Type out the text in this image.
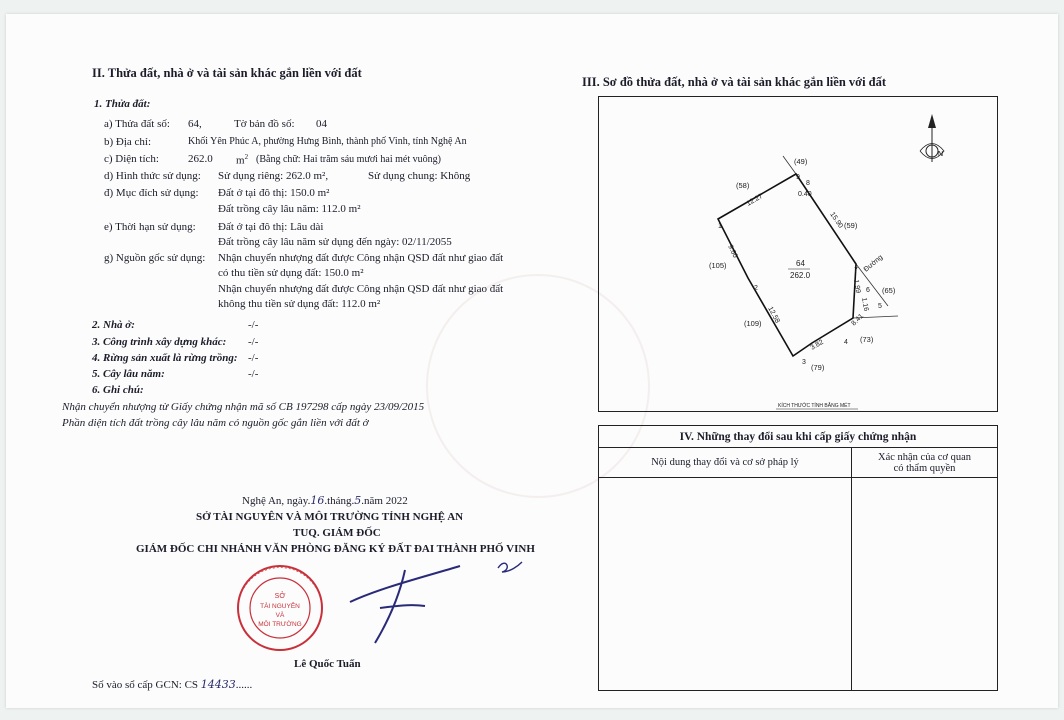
II. Thửa đất, nhà ở và tài sản khác gắn liền với đất
1. Thửa đất:
a) Thửa đất số: 64,	Tờ bản đồ số: 04
b) Địa chỉ:	Khối Yên Phúc A, phường Hưng Bình, thành phố Vinh, tỉnh Nghệ An
c) Diện tích:	262.0 $m^2$ (Bằng chữ: Hai trăm sáu mươi hai mét vuông)
d) Hình thức sử dụng: Sử dụng riêng: 262.0 m²,	Sử dụng chung: Không
đ) Mục đích sử dụng: Đất ở tại đô thị: 150.0 m²
Đất trồng cây lâu năm: 112.0 m²
e) Thời hạn sử dụng: Đất ở tại đô thị: Lâu dài
Đất trồng cây lâu năm sử dụng đến ngày: 02/11/2055
g) Nguồn gốc sử dụng: Nhận chuyển nhượng đất được Công nhận QSD đất như giao đất
có thu tiền sử dụng đất: 150.0 m²
Nhận chuyển nhượng đất được Công nhận QSD đất như giao đất
không thu tiền sử dụng đất: 112.0 m²
2. Nhà ở:	-/-
3. Công trình xây dựng khác: -/-
4. Rừng sản xuất là rừng trồng: -/-
5. Cây lâu năm:	-/-
6. Ghi chú:
Nhận chuyển nhượng từ Giấy chứng nhận mã số CB 197298 cấp ngày 23/09/2015
Phần diện tích đất trồng cây lâu năm có nguồn gốc gắn liền với đất ở
III. Sơ đồ thửa đất, nhà ở và tài sản khác gắn liền với đất
N
(49)
(58)
(59)
(105)
(65)
(109)
(73)
(79)
64
262.0
1
2
3
4
5
6
7
8
9
12.27	0.40
15.90
9.60
12.58
3.82
8.41
1.99
1.16
Đường
KÍCH THƯỚC TÍNH BẰNG MÉT
IV. Những thay đổi sau khi cấp giấy chứng nhận	
Nội dung thay đổi và cơ sở pháp lý	Xác nhận của cơ quan
có thẩm quyền

Nghệ An, ngày.16.tháng.5.năm 2022
SỞ TÀI NGUYÊN VÀ MÔI TRƯỜNG TỈNH NGHỆ AN
TUQ. GIÁM ĐỐC
GIÁM ĐỐC CHI NHÁNH VĂN PHÒNG ĐĂNG KÝ ĐẤT ĐAI THÀNH PHỐ VINH
SỞ
TÀI NGUYÊN
VÀ
MÔI TRƯỜNG
Lê Quốc Tuấn
Số vào sổ cấp GCN: CS 14433......
